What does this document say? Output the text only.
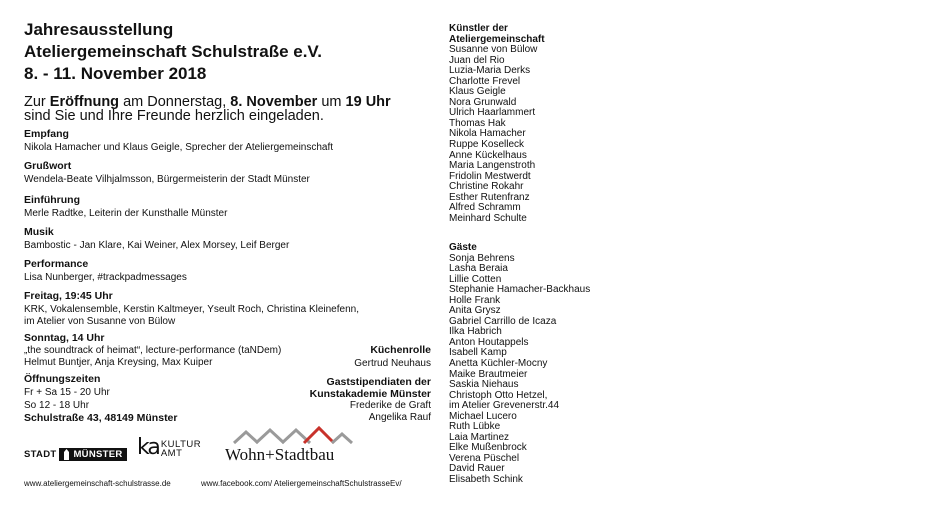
Jahresausstellung
Ateliergemeinschaft Schulstraße e.V.
8. - 11. November 2018
Zur Eröffnung am Donnerstag, 8. November um 19 Uhr
sind Sie und Ihre Freunde herzlich eingeladen.
Empfang
Nikola Hamacher und Klaus Geigle, Sprecher der Ateliergemeinschaft
Grußwort
Wendela-Beate Vilhjalmsson, Bürgermeisterin der Stadt Münster
Einführung
Merle Radtke, Leiterin der Kunsthalle Münster
Musik
Bambostic - Jan Klare, Kai Weiner, Alex Morsey, Leif Berger
Performance
Lisa Nunberger, #trackpadmessages
Freitag, 19:45 Uhr
KRK, Vokalensemble, Kerstin Kaltmeyer, Yseult Roch, Christina Kleinefenn,
im Atelier von Susanne von Bülow
Sonntag, 14 Uhr
„the soundtrack of heimat“, lecture-performance (taNDem)
Helmut Buntjer, Anja Kreysing, Max Kuiper
Küchenrolle
Gertrud Neuhaus
Öffnungszeiten
Fr + Sa 15 - 20 Uhr
So 12 - 18 Uhr
Schulstraße 43, 48149 Münster
Gaststipendiaten der
Kunstakademie Münster
Frederike de Graft
Angelika Rauf
STADT MÜNSTER ka KULTUR
AMT	Wohn+Stadtbau
www.ateliergemeinschaft-schulstrasse.de	www.facebook.com/ AteliergemeinschaftSchulstrasseEv/
Künstler der
Ateliergemeinschaft
Susanne von Bülow
Juan del Rio
Luzia-Maria Derks
Charlotte Frevel
Klaus Geigle
Nora Grunwald
Ulrich Haarlammert
Thomas Hak
Nikola Hamacher
Ruppe Koselleck
Anne Kückelhaus
Maria Langenstroth
Fridolin Mestwerdt
Christine Rokahr
Esther Rutenfranz
Alfred Schramm
Meinhard Schulte
Gäste
Sonja Behrens
Lasha Beraia
Lillie Cotten
Stephanie Hamacher-Backhaus
Holle Frank
Anita Grysz
Gabriel Carrillo de Icaza
Ilka Habrich
Anton Houtappels
Isabell Kamp
Anetta Küchler-Mocny
Maike Brautmeier
Saskia Niehaus
Christoph Otto Hetzel,
im Atelier Grevenerstr.44
Michael Lucero
Ruth Lübke
Laia Martinez
Elke Mußenbrock
Verena Püschel
David Rauer
Elisabeth Schink
